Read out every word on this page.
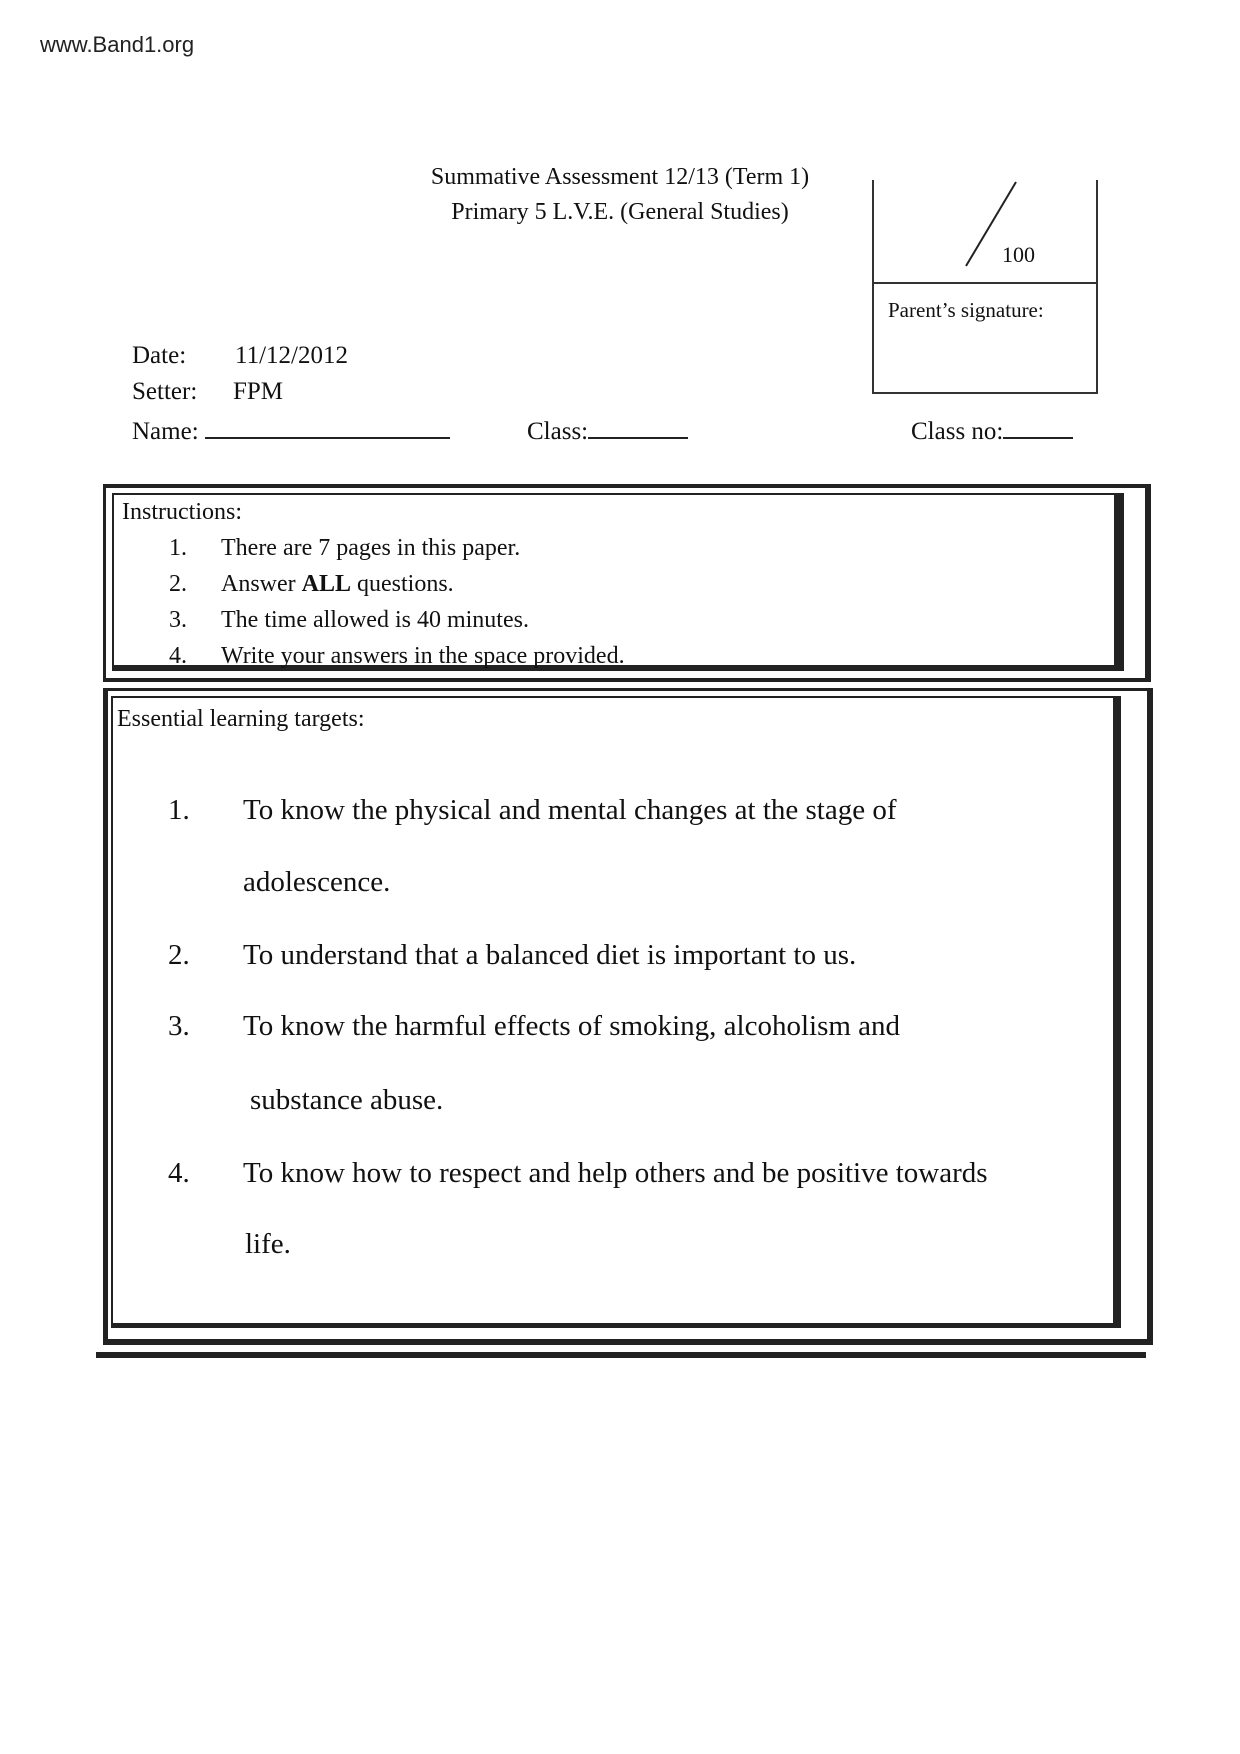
www.Band1.org
Summative Assessment 12/13 (Term 1)
Primary 5 L.V.E. (General Studies)
100
Parent’s signature:
Date: 11/12/2012
Setter: FPM
Name:	Class:	Class no:
Instructions:
1. There are 7 pages in this paper.
2. Answer ALL questions.
3. The time allowed is 40 minutes.
4. Write your answers in the space provided.
Essential learning targets:
1. To know the physical and mental changes at the stage of
adolescence.
2. To understand that a balanced diet is important to us.
3. To know the harmful effects of smoking, alcoholism and
substance abuse.
4. To know how to respect and help others and be positive towards
life.
